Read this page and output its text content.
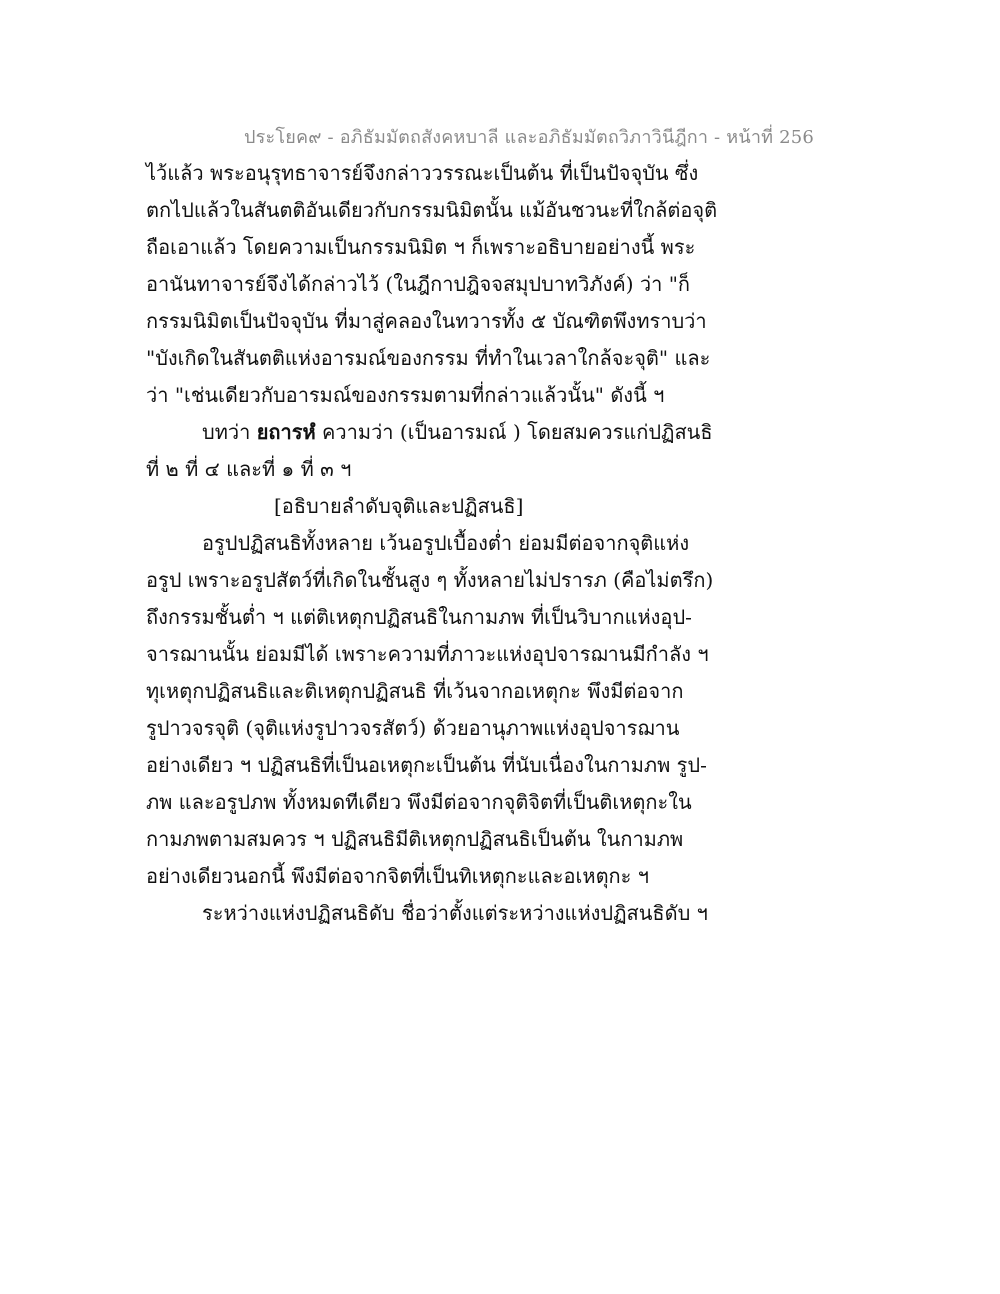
ประโยค๙ - อภิธัมมัตถสังคหบาลี และอภิธัมมัตถวิภาวินีฎีกา - หน้าที่ 256
ไว้แล้ว พระอนุรุทธาจารย์จึงกล่าววรรณะเป็นต้น ที่เป็นปัจจุบัน ซึ่ง
ตกไปแล้วในสันตติอันเดียวกับกรรมนิมิตนั้น แม้อันชวนะที่ใกล้ต่อจุติ
ถือเอาแล้ว โดยความเป็นกรรมนิมิต ฯ ก็เพราะอธิบายอย่างนี้ พระ
อานันทาจารย์จึงได้กล่าวไว้ (ในฎีกาปฎิจจสมุปบาทวิภังค์) ว่า "ก็
กรรมนิมิตเป็นปัจจุบัน ที่มาสู่คลองในทวารทั้ง ๕ บัณฑิตพึงทราบว่า
"บังเกิดในสันตติแห่งอารมณ์ของกรรม ที่ทำในเวลาใกล้จะจุติ" และ
ว่า "เช่นเดียวกับอารมณ์ของกรรมตามที่กล่าวแล้วนั้น" ดังนี้ ฯ
บทว่า ยถารหํ ความว่า (เป็นอารมณ์ ) โดยสมควรแก่ปฏิสนธิ
ที่ ๒ ที่ ๔ และที่ ๑ ที่ ๓ ฯ
[อธิบายลำดับจุติและปฏิสนธิ]
อรูปปฏิสนธิทั้งหลาย เว้นอรูปเบื้องต่ำ ย่อมมีต่อจากจุติแห่ง
อรูป เพราะอรูปสัตว์ที่เกิดในชั้นสูง ๆ ทั้งหลายไม่ปรารภ (คือไม่ตรึก)
ถึงกรรมชั้นต่ำ ฯ แต่ติเหตุกปฏิสนธิในกามภพ ที่เป็นวิบากแห่งอุป-
จารฌานนั้น ย่อมมีได้ เพราะความที่ภาวะแห่งอุปจารฌานมีกำลัง ฯ
ทุเหตุกปฏิสนธิและติเหตุกปฏิสนธิ ที่เว้นจากอเหตุกะ พึงมีต่อจาก
รูปาวจรจุติ (จุติแห่งรูปาวจรสัตว์) ด้วยอานุภาพแห่งอุปจารฌาน
อย่างเดียว ฯ ปฏิสนธิที่เป็นอเหตุกะเป็นต้น ที่นับเนื่องในกามภพ รูป-
ภพ และอรูปภพ ทั้งหมดทีเดียว พึงมีต่อจากจุติจิตที่เป็นติเหตุกะใน
กามภพตามสมควร ฯ ปฏิสนธิมีติเหตุกปฏิสนธิเป็นต้น ในกามภพ
อย่างเดียวนอกนี้ พึงมีต่อจากจิตที่เป็นทิเหตุกะและอเหตุกะ ฯ
ระหว่างแห่งปฏิสนธิดับ ชื่อว่าตั้งแต่ระหว่างแห่งปฏิสนธิดับ ฯ
